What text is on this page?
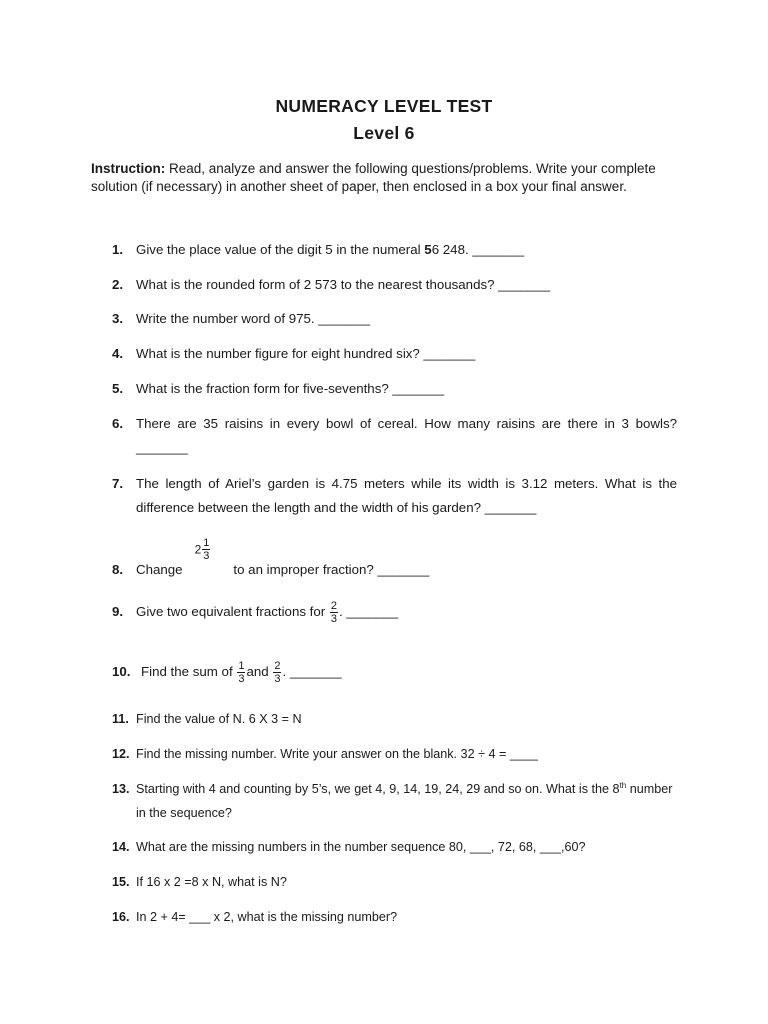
NUMERACY LEVEL TEST
Level 6
Instruction: Read, analyze and answer the following questions/problems. Write your complete solution (if necessary) in another sheet of paper, then enclosed in a box your final answer.
1. Give the place value of the digit 5 in the numeral 56 248. _______
2. What is the rounded form of 2 573 to the nearest thousands? _______
3. Write the number word of 975. _______
4. What is the number figure for eight hundred six? _______
5. What is the fraction form for five-sevenths? _______
6. There are 35 raisins in every bowl of cereal. How many raisins are there in 3 bowls? _______
7. The length of Ariel’s garden is 4.75 meters while its width is 3.12 meters. What is the difference between the length and the width of his garden? _______
8. Change2 $\frac{1}{3}$
to an improper fraction? _______
9. Give two equivalent fractions for $\frac{2}{3}$ . _______
10. Find the sum of $\frac{1}{3}$ and $\frac{2}{3}$ . _______
11. Find the value of N. 6 X 3 = N
12. Find the missing number. Write your answer on the blank. 32 ÷ 4 = ____
13. Starting with 4 and counting by 5’s, we get 4, 9, 14, 19, 24, 29 and so on. What is the 8th number in the sequence?
14. What are the missing numbers in the number sequence 80, ___, 72, 68, ___,60?
15. If 16 x 2 =8 x N, what is N?
16. In 2 + 4= ___ x 2, what is the missing number?
